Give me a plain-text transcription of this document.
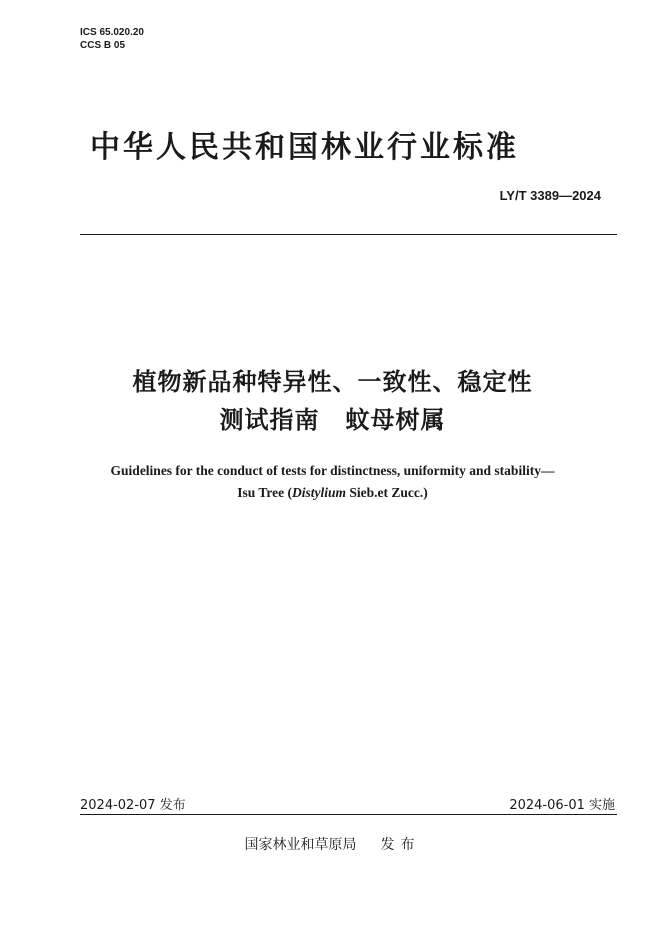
ICS 65.020.20
CCS B 05
中华人民共和国林业行业标准
LY/T 3389—2024
植物新品种特异性、一致性、稳定性
测试指南 蚊母树属
Guidelines for the conduct of tests for distinctness, uniformity and stability—
Isu Tree (Distylium Sieb.et Zucc.)
2024-02-07 发布	2024-06-01 实施
国家林业和草原局 发布
